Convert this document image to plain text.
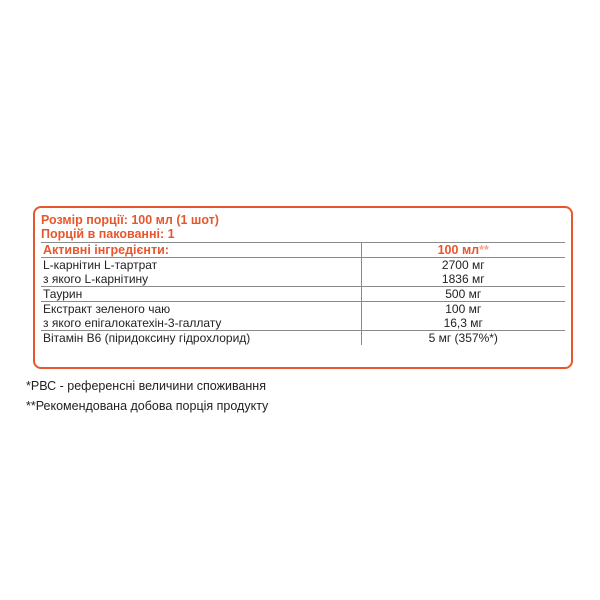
Розмір порції: 100 мл (1 шот)
Порцій в пакованні: 1
Активні інгредієнти:	100 мл**
L-карнітин L-тартрат	2700 мг
з якого L-карнітину	1836 мг
Таурин	500 мг
Екстракт зеленого чаю	100 мг
з якого епігалокатехін-3-галлату	16,3 мг
Вітамін В6 (піридоксину гідрохлорид)	5 мг (357%*)
*РВС - референсні величини споживання
**Рекомендована добова порція продукту
